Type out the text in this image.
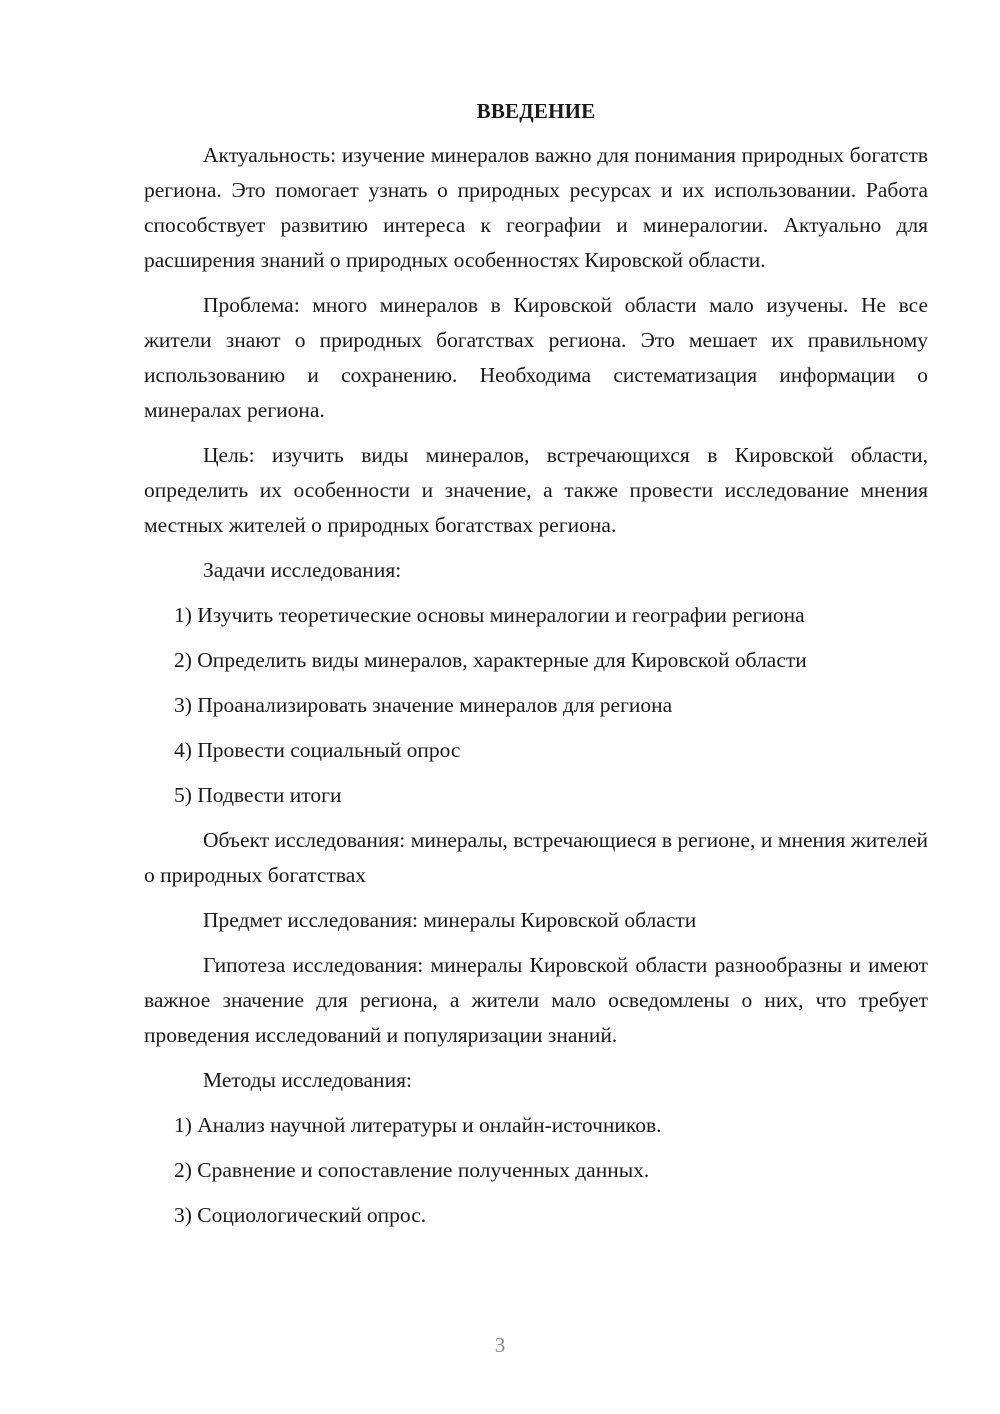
ВВЕДЕНИЕ

Актуальность: изучение минералов важно для понимания природных богатств региона. Это помогает узнать о природных ресурсах и их использовании. Работа способствует развитию интереса к географии и минералогии. Актуально для расширения знаний о природных особенностях Кировской области.

Проблема: много минералов в Кировской области мало изучены. Не все жители знают о природных богатствах региона. Это мешает их правильному использованию и сохранению. Необходима систематизация информации о минералах региона.

Цель: изучить виды минералов, встречающихся в Кировской области, определить их особенности и значение, а также провести исследование мнения местных жителей о природных богатствах региона.

Задачи исследования:

1) Изучить теоретические основы минералогии и географии региона
2) Определить виды минералов, характерные для Кировской области
3) Проанализировать значение минералов для региона
4) Провести социальный опрос
5) Подвести итоги

Объект исследования: минералы, встречающиеся в регионе, и мнения жителей о природных богатствах

Предмет исследования: минералы Кировской области

Гипотеза исследования: минералы Кировской области разнообразны и имеют важное значение для региона, а жители мало осведомлены о них, что требует проведения исследований и популяризации знаний.

Методы исследования:

1) Анализ научной литературы и онлайн-источников.
2) Сравнение и сопоставление полученных данных.
3) Социологический опрос.
3
